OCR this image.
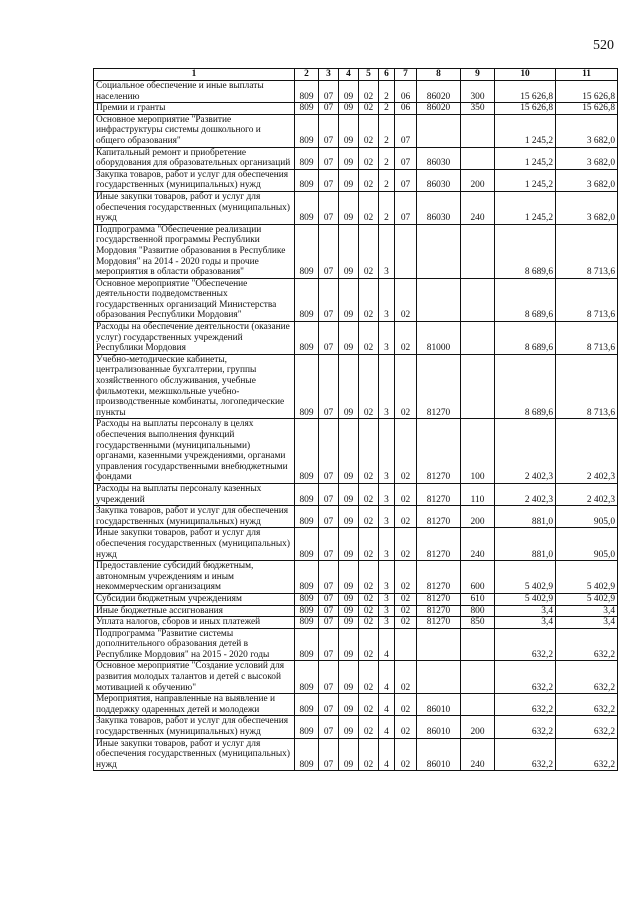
520
1	2	3	4	5	6	7	8	9	10	11
Социальное обеспечение и иные выплаты населению	809	07	09	02	2	06	86020	300	15 626,8	15 626,8
Премии и гранты	809	07	09	02	2	06	86020	350	15 626,8	15 626,8
Основное мероприятие "Развитие инфраструктуры системы дошкольного и общего образования"	809	07	09	02	2	07			1 245,2	3 682,0
Капитальный ремонт и приобретение оборудования для образовательных организаций	809	07	09	02	2	07	86030		1 245,2	3 682,0
Закупка товаров, работ и услуг для обеспечения государственных (муниципальных) нужд	809	07	09	02	2	07	86030	200	1 245,2	3 682,0
Иные закупки товаров, работ и услуг для обеспечения государственных (муниципальных) нужд	809	07	09	02	2	07	86030	240	1 245,2	3 682,0
Подпрограмма "Обеспечение реализации государственной программы Республики Мордовия "Развитие образования в Республике Мордовия" на 2014 - 2020 годы и прочие мероприятия в области образования"	809	07	09	02	3				8 689,6	8 713,6
Основное мероприятие "Обеспечение деятельности подведомственных государственных организаций Министерства образования Республики Мордовия"	809	07	09	02	3	02			8 689,6	8 713,6
Расходы на обеспечение деятельности (оказание услуг) государственных учреждений Республики Мордовия	809	07	09	02	3	02	81000		8 689,6	8 713,6
Учебно-методические кабинеты, централизованные бухгалтерии, группы хозяйственного обслуживания, учебные фильмотеки, межшкольные учебно-производственные комбинаты, логопедические пункты	809	07	09	02	3	02	81270		8 689,6	8 713,6
Расходы на выплаты персоналу в целях обеспечения выполнения функций государственными (муниципальными) органами, казенными учреждениями, органами управления государственными внебюджетными фондами	809	07	09	02	3	02	81270	100	2 402,3	2 402,3
Расходы на выплаты персоналу казенных учреждений	809	07	09	02	3	02	81270	110	2 402,3	2 402,3
Закупка товаров, работ и услуг для обеспечения государственных (муниципальных) нужд	809	07	09	02	3	02	81270	200	881,0	905,0
Иные закупки товаров, работ и услуг для обеспечения государственных (муниципальных) нужд	809	07	09	02	3	02	81270	240	881,0	905,0
Предоставление субсидий бюджетным, автономным учреждениям и иным некоммерческим организациям	809	07	09	02	3	02	81270	600	5 402,9	5 402,9
Субсидии бюджетным учреждениям	809	07	09	02	3	02	81270	610	5 402,9	5 402,9
Иные бюджетные ассигнования	809	07	09	02	3	02	81270	800	3,4	3,4
Уплата налогов, сборов и иных платежей	809	07	09	02	3	02	81270	850	3,4	3,4
Подпрограмма "Развитие системы дополнительного образования детей в Республике Мордовия" на 2015 - 2020 годы	809	07	09	02	4				632,2	632,2
Основное мероприятие "Создание условий для развития молодых талантов и детей с высокой мотивацией к обучению"	809	07	09	02	4	02			632,2	632,2
Мероприятия, направленные на выявление и поддержку одаренных детей и молодежи	809	07	09	02	4	02	86010		632,2	632,2
Закупка товаров, работ и услуг для обеспечения государственных (муниципальных) нужд	809	07	09	02	4	02	86010	200	632,2	632,2
Иные закупки товаров, работ и услуг для обеспечения государственных (муниципальных) нужд	809	07	09	02	4	02	86010	240	632,2	632,2
